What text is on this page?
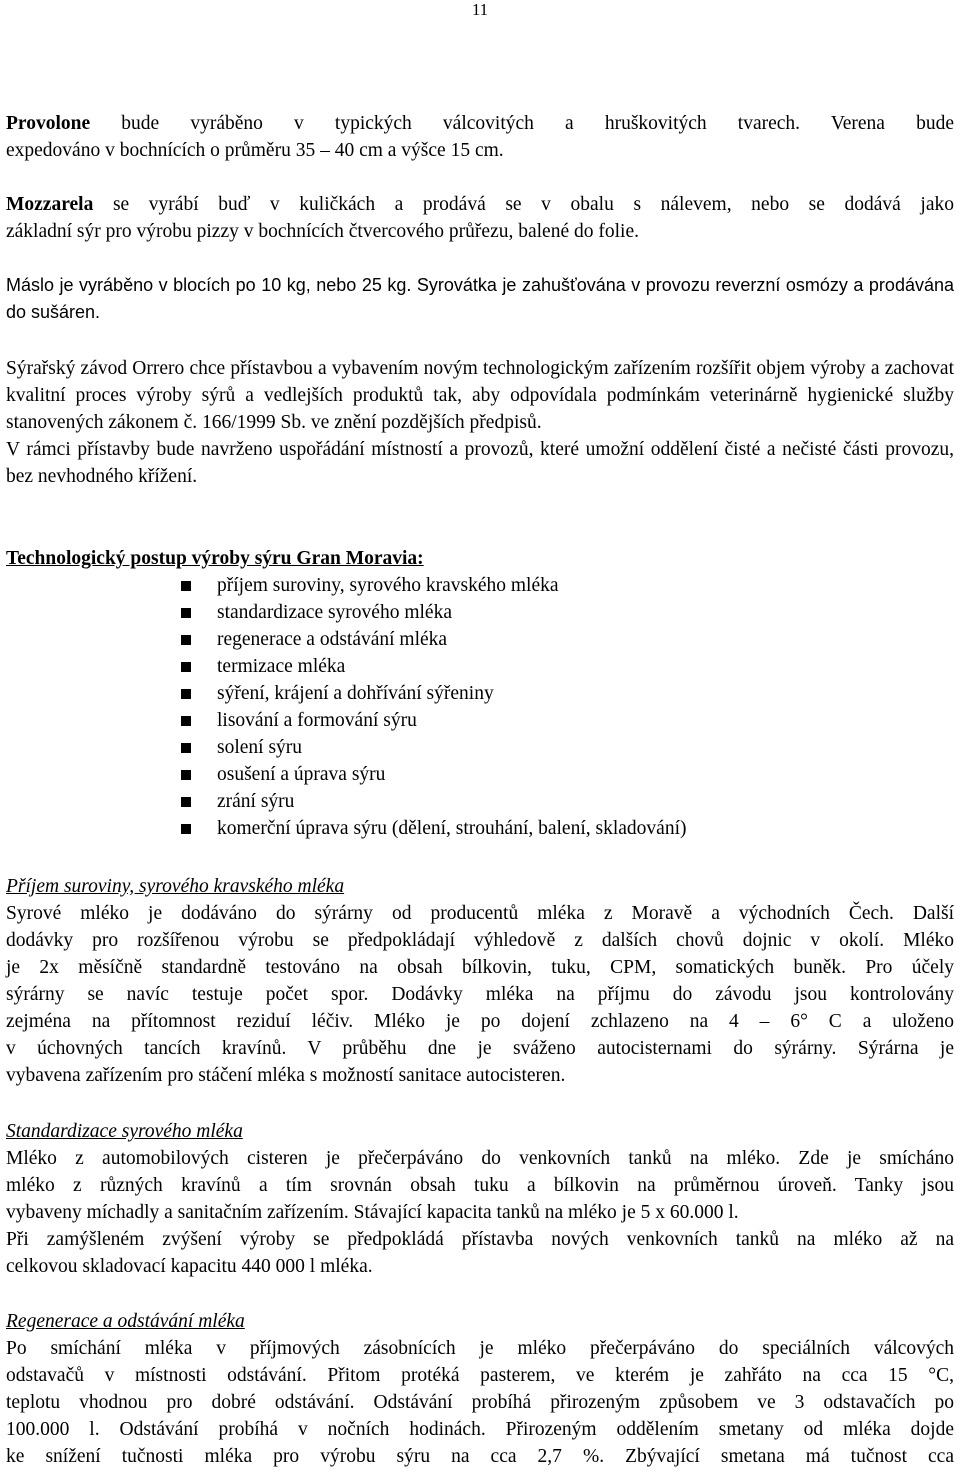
11

Provolone bude vyráběno v typických válcovitých a hruškovitých tvarech. Verena bude

expedováno v bochnících o průměru 35 – 40 cm a výšce 15 cm.

Mozzarela se vyrábí buď v kuličkách a prodává se v obalu s nálevem, nebo se dodává jako

základní sýr pro výrobu pizzy v bochnících čtvercového průřezu, balené do folie.

Máslo je vyráběno v blocích po 10 kg, nebo 25 kg. Syrovátka je zahušťována v provozu reverzní osmózy a prodávána do sušáren.

Sýrařský závod Orrero chce přístavbou a vybavením novým technologickým zařízením rozšířit objem výroby a zachovat kvalitní proces výroby sýrů a vedlejších produktů tak, aby odpovídala podmínkám veterinárně hygienické služby stanovených zákonem č. 166/1999 Sb. ve znění pozdějších předpisů.

V rámci přístavby bude navrženo uspořádání místností a provozů, které umožní oddělení čisté a nečisté části provozu, bez nevhodného křížení.

Technologický postup výroby sýru Gran Moravia:

příjem suroviny, syrového kravského mléka
standardizace syrového mléka
regenerace a odstávání mléka
termizace mléka
sýření, krájení a dohřívání sýřeniny
lisování a formování sýru
solení sýru
osušení a úprava sýru
zrání sýru
komerční úprava sýru (dělení, strouhání, balení, skladování)

Příjem suroviny, syrového kravského mléka

Syrové mléko je dodáváno do sýrárny od producentů mléka z Moravě a východních Čech. Další

dodávky pro rozšířenou výrobu se předpokládají výhledově z dalších chovů dojnic v okolí. Mléko

je 2x měsíčně standardně testováno na obsah bílkovin, tuku, CPM, somatických buněk. Pro účely

sýrárny se navíc testuje počet spor. Dodávky mléka na příjmu do závodu jsou kontrolovány

zejména na přítomnost reziduí léčiv. Mléko je po dojení zchlazeno na 4 – 6° C a uloženo

v úchovných tancích kravínů. V průběhu dne je sváženo autocisternami do sýrárny. Sýrárna je

vybavena zařízením pro stáčení mléka s možností sanitace autocisteren.

Standardizace syrového mléka

Mléko z automobilových cisteren je přečerpáváno do venkovních tanků na mléko. Zde je smícháno

mléko z různých kravínů a tím srovnán obsah tuku a bílkovin na průměrnou úroveň. Tanky jsou

vybaveny míchadly a sanitačním zařízením. Stávající kapacita tanků na mléko je 5 x 60.000 l.

Při zamýšleném zvýšení výroby se předpokládá přístavba nových venkovních tanků na mléko až na

celkovou skladovací kapacitu 440 000 l mléka.

Regenerace a odstávání mléka

Po smíchání mléka v příjmových zásobnících je mléko přečerpáváno do speciálních válcových

odstavačů v místnosti odstávání. Přitom protéká pasterem, ve kterém je zahřáto na cca 15 °C,

teplotu vhodnou pro dobré odstávání. Odstávání probíhá přirozeným způsobem ve 3 odstavačích po

100.000 l. Odstávání probíhá v nočních hodinách. Přirozeným oddělením smetany od mléka dojde

ke snížení tučnosti mléka pro výrobu sýru na cca 2,7 %. Zbývající smetana má tučnost cca
